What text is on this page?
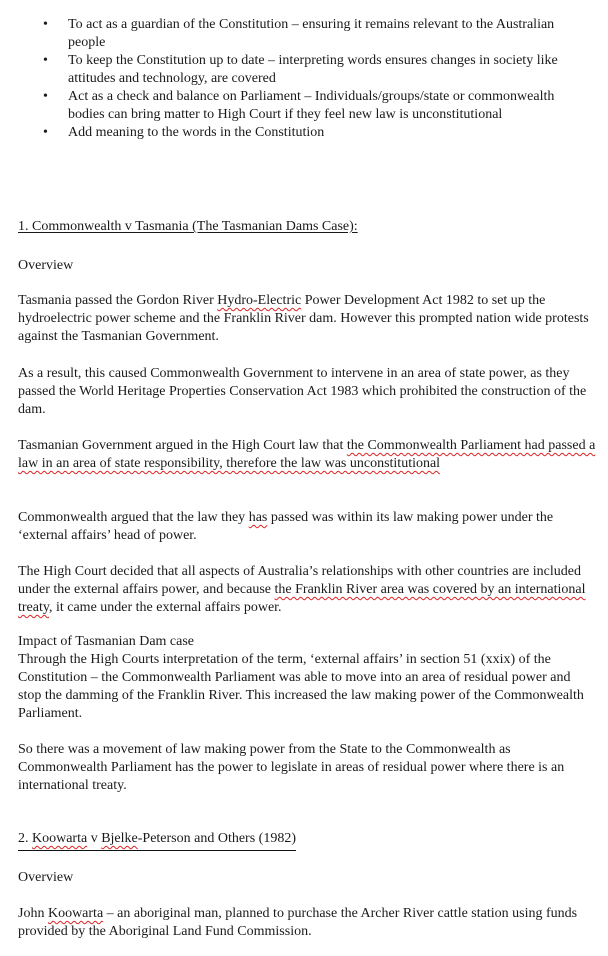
• To act as a guardian of the Constitution – ensuring it remains relevant to the Australian people
• To keep the Constitution up to date – interpreting words ensures changes in society like attitudes and technology, are covered
• Act as a check and balance on Parliament – Individuals/groups/state or commonwealth bodies can bring matter to High Court if they feel new law is unconstitutional
• Add meaning to the words in the Constitution

1. Commonwealth v Tasmania (The Tasmanian Dams Case):

Overview

Tasmania passed the Gordon River Hydro-Electric Power Development Act 1982 to set up the hydroelectric power scheme and the Franklin River dam. However this prompted nation wide protests against the Tasmanian Government.

As a result, this caused Commonwealth Government to intervene in an area of state power, as they passed the World Heritage Properties Conservation Act 1983 which prohibited the construction of the dam.

Tasmanian Government argued in the High Court law that the Commonwealth Parliament had passed a law in an area of state responsibility, therefore the law was unconstitutional

Commonwealth argued that the law they has passed was within its law making power under the ‘external affairs’ head of power.

The High Court decided that all aspects of Australia’s relationships with other countries are included under the external affairs power, and because the Franklin River area was covered by an international treaty, it came under the external affairs power.

Impact of Tasmanian Dam case

Through the High Courts interpretation of the term, ‘external affairs’ in section 51 (xxix) of the Constitution – the Commonwealth Parliament was able to move into an area of residual power and stop the damming of the Franklin River. This increased the law making power of the Commonwealth Parliament.

So there was a movement of law making power from the State to the Commonwealth as Commonwealth Parliament has the power to legislate in areas of residual power where there is an international treaty.

2. Koowarta v Bjelke-Peterson and Others (1982)

Overview

John Koowarta – an aboriginal man, planned to purchase the Archer River cattle station using funds provided by the Aboriginal Land Fund Commission.
